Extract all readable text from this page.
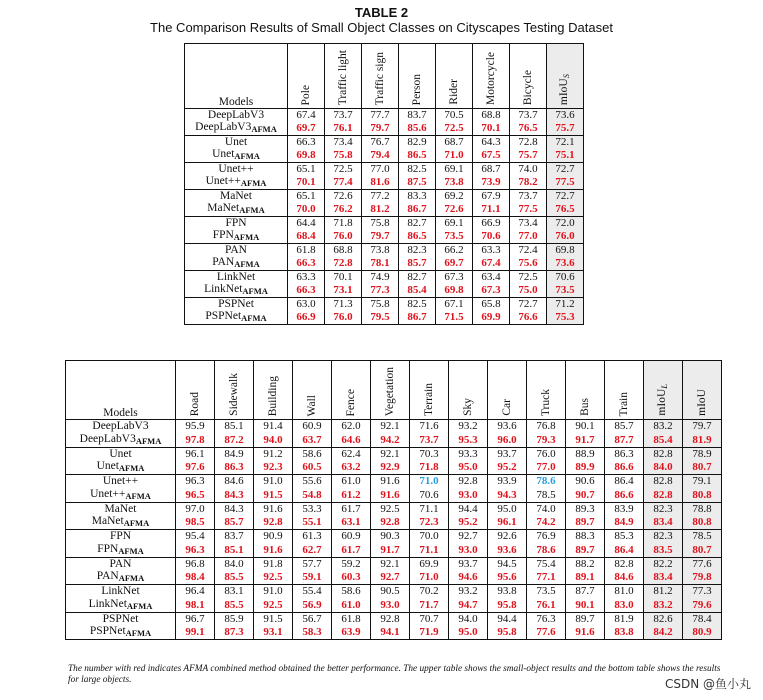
TABLE 2
The Comparison Results of Small Object Classes on Cityscapes Testing Dataset
Models	Pole	Traffic light	Traffic sign	Person	Rider	Motorcycle	Bicycle	mIoU$_S$
DeepLabV3	67.4	73.7	77.7	83.7	70.5	68.8	73.7	73.6
$DeepLabV3_{AFMA}$	69.7	76.1	79.7	85.6	72.5	70.1	76.5	75.7
Unet	66.3	73.4	76.7	82.9	68.7	64.3	72.8	72.1
Unet$_{AFMA}$	69.8	75.8	79.4	86.5	71.0	67.5	75.7	75.1
Unet++	65.1	72.5	77.0	82.5	69.1	68.7	74.0	72.7
$Unet++_{AFMA}$	70.1	77.4	81.6	87.5	73.8	73.9	78.2	77.5
MaNet	65.1	72.6	77.2	83.3	69.2	67.9	73.7	72.7
MaNet$_{AFMA}$	70.0	76.2	81.2	86.7	72.6	71.1	77.5	76.5
FPN	64.4	71.8	75.8	82.7	69.1	66.9	73.4	72.0
$FPN_{AFMA}$	68.4	76.0	79.7	86.5	73.5	70.6	77.0	76.0
PAN	61.8	68.8	73.8	82.3	66.2	63.3	72.4	69.8
$PAN_{AFMA}$	66.3	72.8	78.1	85.7	69.7	67.4	75.6	73.6
LinkNet	63.3	70.1	74.9	82.7	67.3	63.4	72.5	70.6
LinkNet$_{AFMA}$	66.3	73.1	77.3	85.4	69.8	67.3	75.0	73.5
PSPNet	63.0	71.3	75.8	82.5	67.1	65.8	72.7	71.2
PSPNet$_{AFMA}$	66.9	76.0	79.5	86.7	71.5	69.9	76.6	75.3
Models	Road	Sidewalk	Building	Wall	Fence	Vegetation	Terrain	Sky	Car	Truck	Bus	Train	mIoU$_L$	mIoU
DeepLabV3	95.9	85.1	91.4	60.9	62.0	92.1	71.6	93.2	93.6	76.8	90.1	85.7	83.2	79.7
$DeepLabV3_{AFMA}$	97.8	87.2	94.0	63.7	64.6	94.2	73.7	95.3	96.0	79.3	91.7	87.7	85.4	81.9
Unet	96.1	84.9	91.2	58.6	62.4	92.1	70.3	93.3	93.7	76.0	88.9	86.3	82.8	78.9
Unet$_{AFMA}$	97.6	86.3	92.3	60.5	63.2	92.9	71.8	95.0	95.2	77.0	89.9	86.6	84.0	80.7
Unet++	96.3	84.6	91.0	55.6	61.0	91.6	71.0	92.8	93.9	78.6	90.6	86.4	82.8	79.1
$Unet++_{AFMA}$	96.5	84.3	91.5	54.8	61.2	91.6	70.6	93.0	94.3	78.5	90.7	86.6	82.8	80.8
MaNet	97.0	84.3	91.6	53.3	61.7	92.5	71.1	94.4	95.0	74.0	89.3	83.9	82.3	78.8
MaNet$_{AFMA}$	98.5	85.7	92.8	55.1	63.1	92.8	72.3	95.2	96.1	74.2	89.7	84.9	83.4	80.8
FPN	95.4	83.7	90.9	61.3	60.9	90.3	70.0	92.7	92.6	76.9	88.3	85.3	82.3	78.5
$FPN_{AFMA}$	96.3	85.1	91.6	62.7	61.7	91.7	71.1	93.0	93.6	78.6	89.7	86.4	83.5	80.7
PAN	96.8	84.0	91.8	57.7	59.2	92.1	69.9	93.7	94.5	75.4	88.2	82.8	82.2	77.6
$PAN_{AFMA}$	98.4	85.5	92.5	59.1	60.3	92.7	71.0	94.6	95.6	77.1	89.1	84.6	83.4	79.8
LinkNet	96.4	83.1	91.0	55.4	58.6	90.5	70.2	93.2	93.8	73.5	87.7	81.0	81.2	77.3
LinkNet$_{AFMA}$	98.1	85.5	92.5	56.9	61.0	93.0	71.7	94.7	95.8	76.1	90.1	83.0	83.2	79.6
PSPNet	96.7	85.9	91.5	56.7	61.8	92.8	70.7	94.0	94.4	76.3	89.7	81.9	82.6	78.4
PSPNet$_{AFMA}$	99.1	87.3	93.1	58.3	63.9	94.1	71.9	95.0	95.8	77.6	91.6	83.8	84.2	80.9
The number with red indicates AFMA combined method obtained the better performance. The upper table shows the small-object results and the bottom table shows the results for large objects.	CSDN @鱼小丸
